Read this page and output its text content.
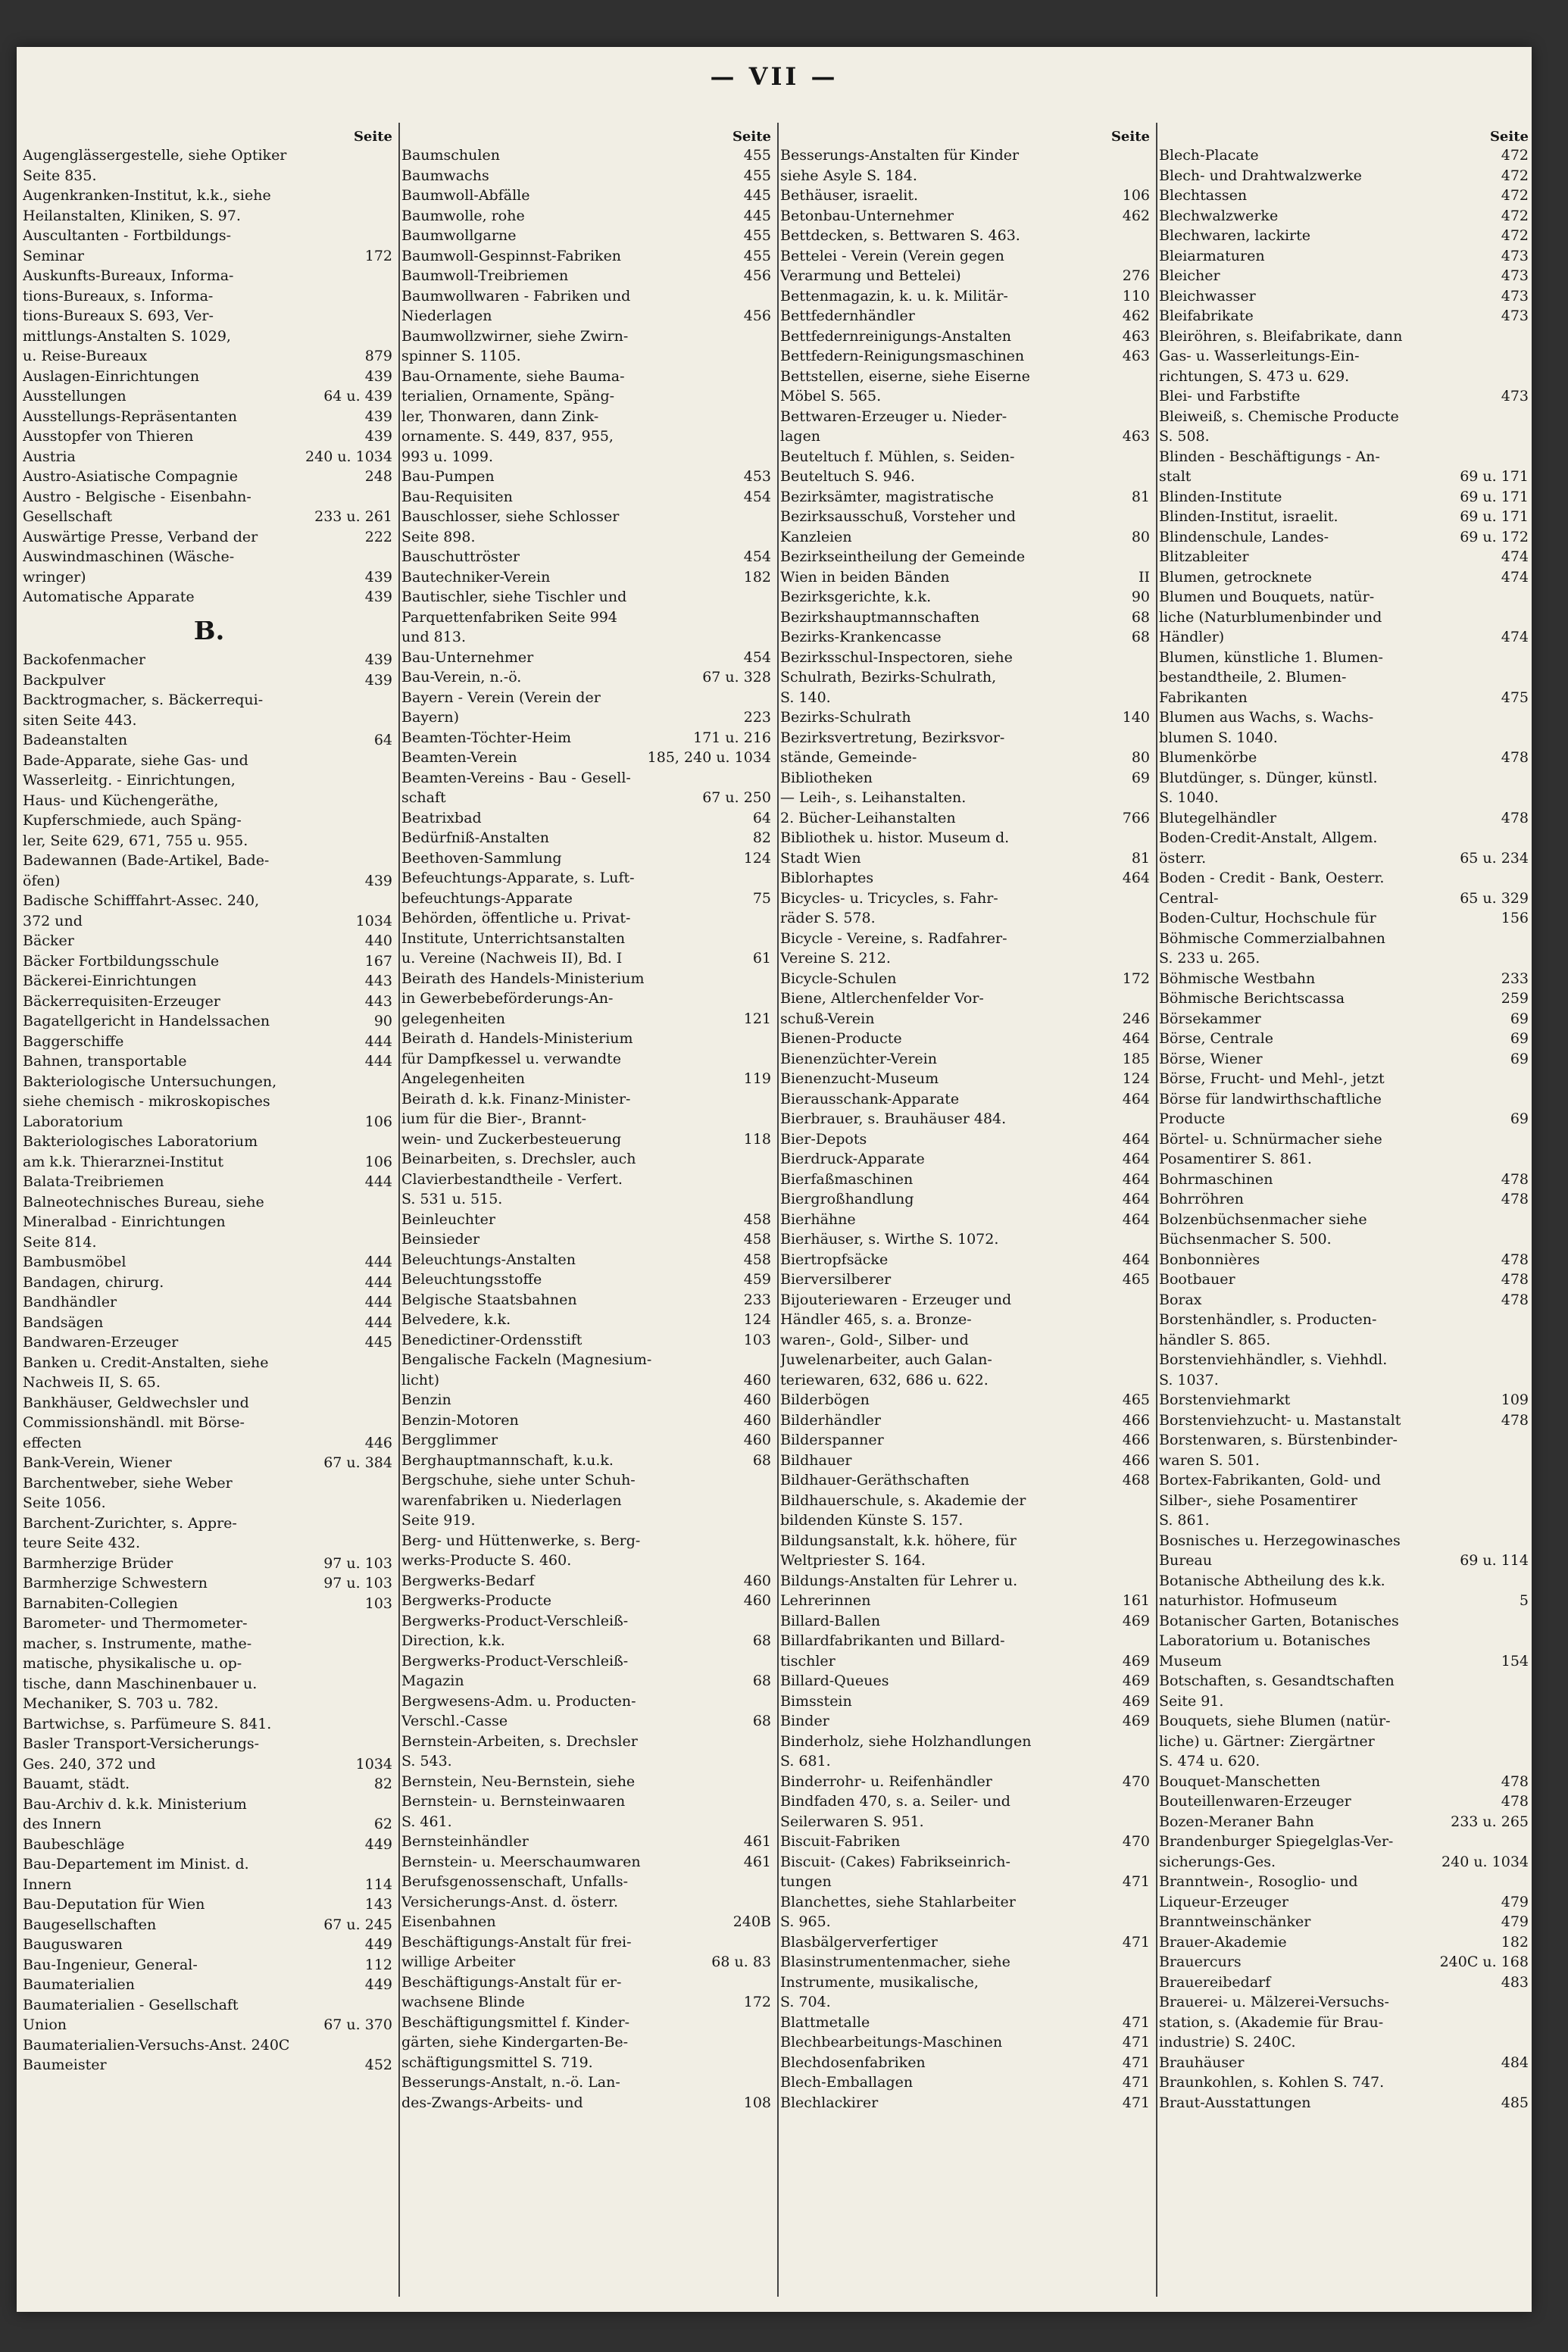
— VII —
Seite
Augenglässergestelle, siehe Optiker
Seite 835.
Augenkranken-Institut, k.k., siehe
Heilanstalten, Kliniken, S. 97.
Auscultanten - Fortbildungs-
Seminar	172
Auskunfts-Bureaux, Informa-
tions-Bureaux, s. Informa-
tions-Bureaux S. 693, Ver-
mittlungs-Anstalten S. 1029,
u. Reise-Bureaux	879
Auslagen-Einrichtungen	439
Ausstellungen	64 u. 439
Ausstellungs-Repräsentanten	439
Ausstopfer von Thieren	439
Austria	240 u. 1034
Austro-Asiatische Compagnie	248
Austro - Belgische - Eisenbahn-
Gesellschaft	233 u. 261
Auswärtige Presse, Verband der	222
Auswindmaschinen (Wäsche-
wringer)	439
Automatische Apparate	439
B.
Backofenmacher	439
Backpulver	439
Backtrogmacher, s. Bäckerrequi-
siten Seite 443.
Badeanstalten	64
Bade-Apparate, siehe Gas- und
Wasserleitg. - Einrichtungen,
Haus- und Küchengeräthe,
Kupferschmiede, auch Späng-
ler, Seite 629, 671, 755 u. 955.
Badewannen (Bade-Artikel, Bade-
öfen)	439
Badische Schifffahrt-Assec. 240,
372 und	1034
Bäcker	440
Bäcker Fortbildungsschule	167
Bäckerei-Einrichtungen	443
Bäckerrequisiten-Erzeuger	443
Bagatellgericht in Handelssachen	90
Baggerschiffe	444
Bahnen, transportable	444
Bakteriologische Untersuchungen,
siehe chemisch - mikroskopisches
Laboratorium	106
Bakteriologisches Laboratorium
am k.k. Thierarznei-Institut	106
Balata-Treibriemen	444
Balneotechnisches Bureau, siehe
Mineralbad - Einrichtungen
Seite 814.
Bambusmöbel	444
Bandagen, chirurg.	444
Bandhändler	444
Bandsägen	444
Bandwaren-Erzeuger	445
Banken u. Credit-Anstalten, siehe
Nachweis II, S. 65.
Bankhäuser, Geldwechsler und
Commissionshändl. mit Börse-
effecten	446
Bank-Verein, Wiener	67 u. 384
Barchentweber, siehe Weber
Seite 1056.
Barchent-Zurichter, s. Appre-
teure Seite 432.
Barmherzige Brüder	97 u. 103
Barmherzige Schwestern	97 u. 103
Barnabiten-Collegien	103
Barometer- und Thermometer-
macher, s. Instrumente, mathe-
matische, physikalische u. op-
tische, dann Maschinenbauer u.
Mechaniker, S. 703 u. 782.
Bartwichse, s. Parfümeure S. 841.
Basler Transport-Versicherungs-
Ges. 240, 372 und	1034
Bauamt, städt.	82
Bau-Archiv d. k.k. Ministerium
des Innern	62
Baubeschläge	449
Bau-Departement im Minist. d.
Innern	114
Bau-Deputation für Wien	143
Baugesellschaften	67 u. 245
Bauguswaren	449
Bau-Ingenieur, General-	112
Baumaterialien	449
Baumaterialien - Gesellschaft
Union	67 u. 370
Baumaterialien-Versuchs-Anst. 240C
Baumeister	452
Seite
Baumschulen	455
Baumwachs	455
Baumwoll-Abfälle	445
Baumwolle, rohe	445
Baumwollgarne	455
Baumwoll-Gespinnst-Fabriken	455
Baumwoll-Treibriemen	456
Baumwollwaren - Fabriken und
Niederlagen	456
Baumwollzwirner, siehe Zwirn-
spinner S. 1105.
Bau-Ornamente, siehe Bauma-
terialien, Ornamente, Späng-
ler, Thonwaren, dann Zink-
ornamente. S. 449, 837, 955,
993 u. 1099.
Bau-Pumpen	453
Bau-Requisiten	454
Bauschlosser, siehe Schlosser
Seite 898.
Bauschuttröster	454
Bautechniker-Verein	182
Bautischler, siehe Tischler und
Parquettenfabriken Seite 994
und 813.
Bau-Unternehmer	454
Bau-Verein, n.-ö.	67 u. 328
Bayern - Verein (Verein der
Bayern)	223
Beamten-Töchter-Heim	171 u. 216
Beamten-Verein	185, 240 u. 1034
Beamten-Vereins - Bau - Gesell-
schaft	67 u. 250
Beatrixbad	64
Bedürfniß-Anstalten	82
Beethoven-Sammlung	124
Befeuchtungs-Apparate, s. Luft-
befeuchtungs-Apparate	75
Behörden, öffentliche u. Privat-
Institute, Unterrichtsanstalten
u. Vereine (Nachweis II), Bd. I	61
Beirath des Handels-Ministerium
in Gewerbebeförderungs-An-
gelegenheiten	121
Beirath d. Handels-Ministerium
für Dampfkessel u. verwandte
Angelegenheiten	119
Beirath d. k.k. Finanz-Minister-
ium für die Bier-, Brannt-
wein- und Zuckerbesteuerung	118
Beinarbeiten, s. Drechsler, auch
Clavierbestandtheile - Verfert.
S. 531 u. 515.
Beinleuchter	458
Beinsieder	458
Beleuchtungs-Anstalten	458
Beleuchtungsstoffe	459
Belgische Staatsbahnen	233
Belvedere, k.k.	124
Benedictiner-Ordensstift	103
Bengalische Fackeln (Magnesium-
licht)	460
Benzin	460
Benzin-Motoren	460
Bergglimmer	460
Berghauptmannschaft, k.u.k.	68
Bergschuhe, siehe unter Schuh-
warenfabriken u. Niederlagen
Seite 919.
Berg- und Hüttenwerke, s. Berg-
werks-Producte S. 460.
Bergwerks-Bedarf	460
Bergwerks-Producte	460
Bergwerks-Product-Verschleiß-
Direction, k.k.	68
Bergwerks-Product-Verschleiß-
Magazin	68
Bergwesens-Adm. u. Producten-
Verschl.-Casse	68
Bernstein-Arbeiten, s. Drechsler
S. 543.
Bernstein, Neu-Bernstein, siehe
Bernstein- u. Bernsteinwaaren
S. 461.
Bernsteinhändler	461
Bernstein- u. Meerschaumwaren	461
Berufsgenossenschaft, Unfalls-
Versicherungs-Anst. d. österr.
Eisenbahnen	240B
Beschäftigungs-Anstalt für frei-
willige Arbeiter	68 u. 83
Beschäftigungs-Anstalt für er-
wachsene Blinde	172
Beschäftigungsmittel f. Kinder-
gärten, siehe Kindergarten-Be-
schäftigungsmittel S. 719.
Besserungs-Anstalt, n.-ö. Lan-
des-Zwangs-Arbeits- und	108
Seite
Besserungs-Anstalten für Kinder
siehe Asyle S. 184.
Bethäuser, israelit.	106
Betonbau-Unternehmer	462
Bettdecken, s. Bettwaren S. 463.
Bettelei - Verein (Verein gegen
Verarmung und Bettelei)	276
Bettenmagazin, k. u. k. Militär-	110
Bettfedernhändler	462
Bettfedernreinigungs-Anstalten	463
Bettfedern-Reinigungsmaschinen	463
Bettstellen, eiserne, siehe Eiserne
Möbel S. 565.
Bettwaren-Erzeuger u. Nieder-
lagen	463
Beuteltuch f. Mühlen, s. Seiden-
Beuteltuch S. 946.
Bezirksämter, magistratische	81
Bezirksausschuß, Vorsteher und
Kanzleien	80
Bezirkseintheilung der Gemeinde
Wien in beiden Bänden	II
Bezirksgerichte, k.k.	90
Bezirkshauptmannschaften	68
Bezirks-Krankencasse	68
Bezirksschul-Inspectoren, siehe
Schulrath, Bezirks-Schulrath,
S. 140.
Bezirks-Schulrath	140
Bezirksvertretung, Bezirksvor-
stände, Gemeinde-	80
Bibliotheken	69
— Leih-, s. Leihanstalten.
2. Bücher-Leihanstalten	766
Bibliothek u. histor. Museum d.
Stadt Wien	81
Biblorhaptes	464
Bicycles- u. Tricycles, s. Fahr-
räder S. 578.
Bicycle - Vereine, s. Radfahrer-
Vereine S. 212.
Bicycle-Schulen	172
Biene, Altlerchenfelder Vor-
schuß-Verein	246
Bienen-Producte	464
Bienenzüchter-Verein	185
Bienenzucht-Museum	124
Bierausschank-Apparate	464
Bierbrauer, s. Brauhäuser 484.
Bier-Depots	464
Bierdruck-Apparate	464
Bierfaßmaschinen	464
Biergroßhandlung	464
Bierhähne	464
Bierhäuser, s. Wirthe S. 1072.
Biertropfsäcke	464
Bierversilberer	465
Bijouteriewaren - Erzeuger und
Händler 465, s. a. Bronze-
waren-, Gold-, Silber- und
Juwelenarbeiter, auch Galan-
teriewaren, 632, 686 u. 622.
Bilderbögen	465
Bilderhändler	466
Bilderspanner	466
Bildhauer	466
Bildhauer-Geräthschaften	468
Bildhauerschule, s. Akademie der
bildenden Künste S. 157.
Bildungsanstalt, k.k. höhere, für
Weltpriester S. 164.
Bildungs-Anstalten für Lehrer u.
Lehrerinnen	161
Billard-Ballen	469
Billardfabrikanten und Billard-
tischler	469
Billard-Queues	469
Bimsstein	469
Binder	469
Binderholz, siehe Holzhandlungen
S. 681.
Binderrohr- u. Reifenhändler	470
Bindfaden 470, s. a. Seiler- und
Seilerwaren S. 951.
Biscuit-Fabriken	470
Biscuit- (Cakes) Fabrikseinrich-
tungen	471
Blanchettes, siehe Stahlarbeiter
S. 965.
Blasbälgerverfertiger	471
Blasinstrumentenmacher, siehe
Instrumente, musikalische,
S. 704.
Blattmetalle	471
Blechbearbeitungs-Maschinen	471
Blechdosenfabriken	471
Blech-Emballagen	471
Blechlackirer	471
Seite
Blech-Placate	472
Blech- und Drahtwalzwerke	472
Blechtassen	472
Blechwalzwerke	472
Blechwaren, lackirte	472
Bleiarmaturen	473
Bleicher	473
Bleichwasser	473
Bleifabrikate	473
Bleiröhren, s. Bleifabrikate, dann
Gas- u. Wasserleitungs-Ein-
richtungen, S. 473 u. 629.
Blei- und Farbstifte	473
Bleiweiß, s. Chemische Producte
S. 508.
Blinden - Beschäftigungs - An-
stalt	69 u. 171
Blinden-Institute	69 u. 171
Blinden-Institut, israelit.	69 u. 171
Blindenschule, Landes-	69 u. 172
Blitzableiter	474
Blumen, getrocknete	474
Blumen und Bouquets, natür-
liche (Naturblumenbinder und
Händler)	474
Blumen, künstliche 1. Blumen-
bestandtheile, 2. Blumen-
Fabrikanten	475
Blumen aus Wachs, s. Wachs-
blumen S. 1040.
Blumenkörbe	478
Blutdünger, s. Dünger, künstl.
S. 1040.
Blutegelhändler	478
Boden-Credit-Anstalt, Allgem.
österr.	65 u. 234
Boden - Credit - Bank, Oesterr.
Central-	65 u. 329
Boden-Cultur, Hochschule für	156
Böhmische Commerzialbahnen
S. 233 u. 265.
Böhmische Westbahn	233
Böhmische Berichtscassa	259
Börsekammer	69
Börse, Centrale	69
Börse, Wiener	69
Börse, Frucht- und Mehl-, jetzt
Börse für landwirthschaftliche
Producte	69
Börtel- u. Schnürmacher siehe
Posamentirer S. 861.
Bohrmaschinen	478
Bohrröhren	478
Bolzenbüchsenmacher siehe
Büchsenmacher S. 500.
Bonbonnières	478
Bootbauer	478
Borax	478
Borstenhändler, s. Producten-
händler S. 865.
Borstenviehhändler, s. Viehhdl.
S. 1037.
Borstenviehmarkt	109
Borstenviehzucht- u. Mastanstalt	478
Borstenwaren, s. Bürstenbinder-
waren S. 501.
Bortex-Fabrikanten, Gold- und
Silber-, siehe Posamentirer
S. 861.
Bosnisches u. Herzegowinasches
Bureau	69 u. 114
Botanische Abtheilung des k.k.
naturhistor. Hofmuseum	5
Botanischer Garten, Botanisches
Laboratorium u. Botanisches
Museum	154
Botschaften, s. Gesandtschaften
Seite 91.
Bouquets, siehe Blumen (natür-
liche) u. Gärtner: Ziergärtner
S. 474 u. 620.
Bouquet-Manschetten	478
Bouteillenwaren-Erzeuger	478
Bozen-Meraner Bahn	233 u. 265
Brandenburger Spiegelglas-Ver-
sicherungs-Ges.	240 u. 1034
Branntwein-, Rosoglio- und
Liqueur-Erzeuger	479
Branntweinschänker	479
Brauer-Akademie	182
Brauercurs	240C u. 168
Brauereibedarf	483
Brauerei- u. Mälzerei-Versuchs-
station, s. (Akademie für Brau-
industrie) S. 240C.
Brauhäuser	484
Braunkohlen, s. Kohlen S. 747.
Braut-Ausstattungen	485
